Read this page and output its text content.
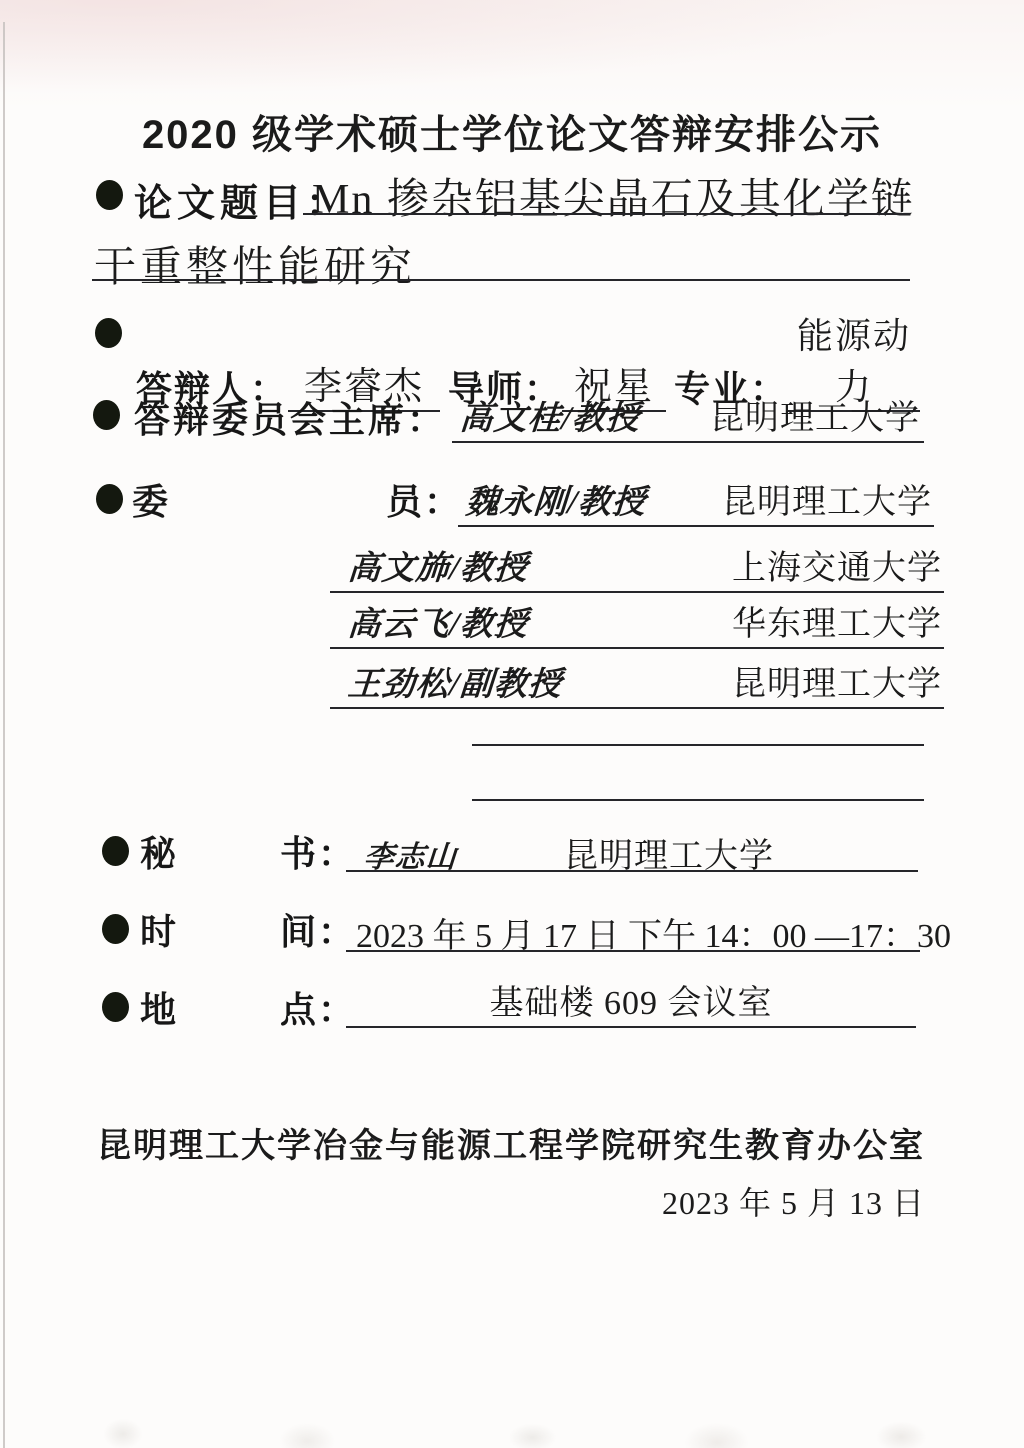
2020 级学术硕士学位论文答辩安排公示
论文题目：
Mn 掺杂铝基尖晶石及其化学链
干重整性能研究
答辩人： 李睿杰 导师： 祝星 专业：
能源动力
答辩委员会主席： 高文桂/教授 昆明理工大学
委	员： 魏永刚/教授 昆明理工大学
高文斾/教授	上海交通大学
高云飞/教授	华东理工大学
王劲松/副教授	昆明理工大学
秘	书： 李志山	昆明理工大学
时	间： 2023 年 5 月 17 日 下午 14：00 —17：30
地	点：	基础楼 609 会议室
昆明理工大学冶金与能源工程学院研究生教育办公室
2023 年 5 月 13 日
